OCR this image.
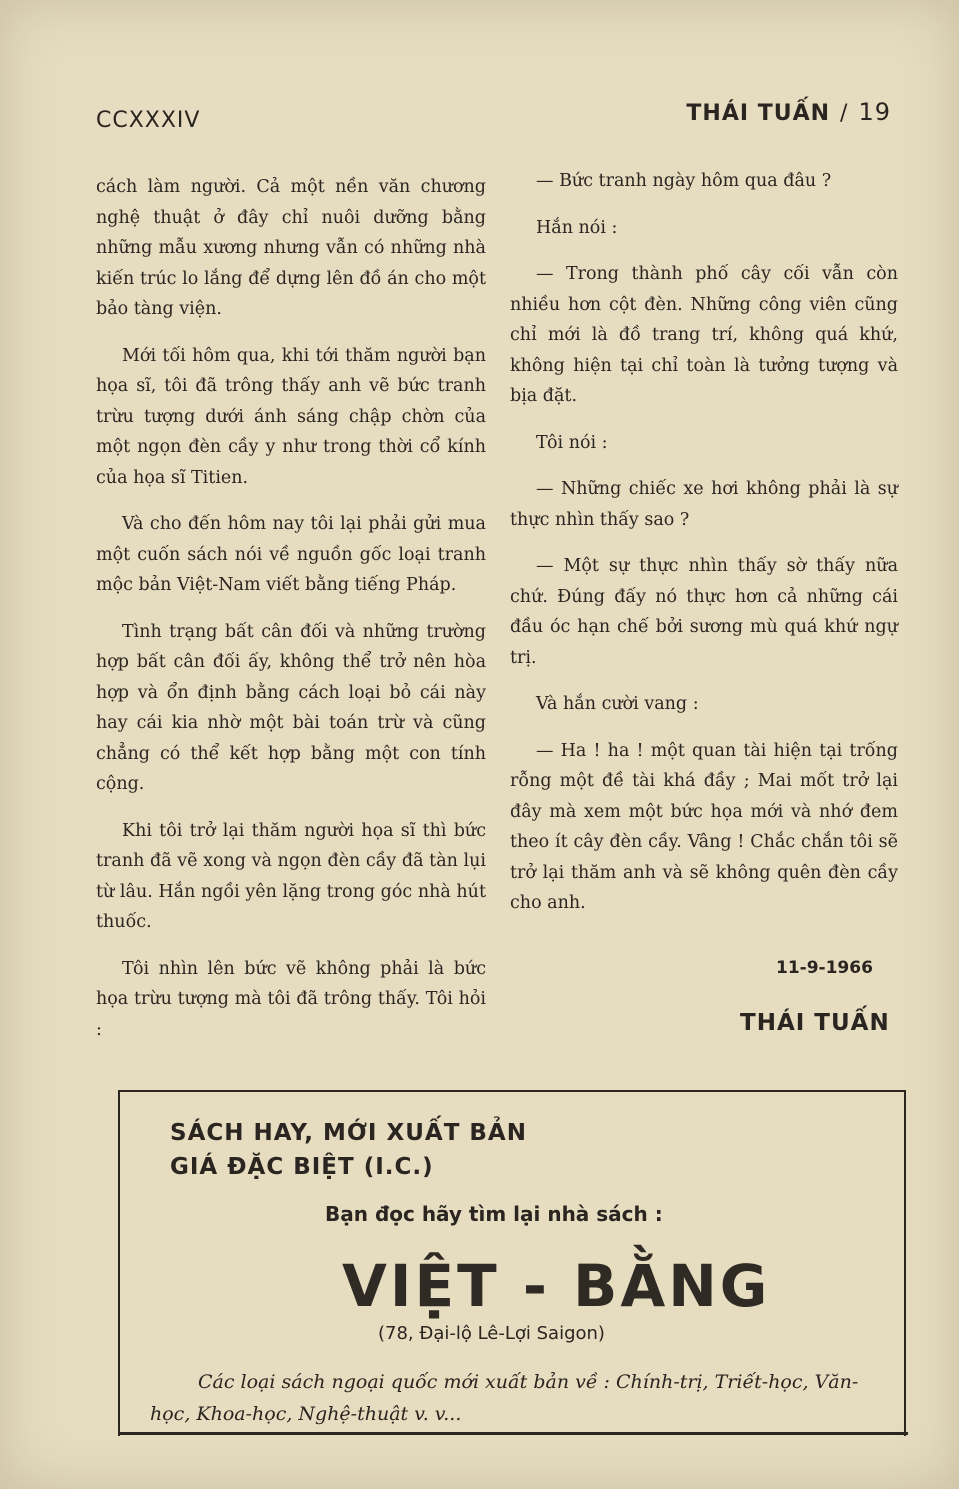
CCXXXIV	THÁI TUẤN / 19

cách làm người. Cả một nền văn chương nghệ thuật ở đây chỉ nuôi dưỡng bằng những mẫu xương nhưng vẫn có những nhà kiến trúc lo lắng để dựng lên đồ án cho một bảo tàng viện.

Mới tối hôm qua, khi tới thăm người bạn họa sĩ, tôi đã trông thấy anh vẽ bức tranh trừu tượng dưới ánh sáng chập chờn của một ngọn đèn cầy y như trong thời cổ kính của họa sĩ Titien.

Và cho đến hôm nay tôi lại phải gửi mua một cuốn sách nói về nguồn gốc loại tranh mộc bản Việt-Nam viết bằng tiếng Pháp.

Tình trạng bất cân đối và những trường hợp bất cân đối ấy, không thể trở nên hòa hợp và ổn định bằng cách loại bỏ cái này hay cái kia nhờ một bài toán trừ và cũng chẳng có thể kết hợp bằng một con tính cộng.

Khi tôi trở lại thăm người họa sĩ thì bức tranh đã vẽ xong và ngọn đèn cầy đã tàn lụi từ lâu. Hắn ngồi yên lặng trong góc nhà hút thuốc.

Tôi nhìn lên bức vẽ không phải là bức họa trừu tượng mà tôi đã trông thấy. Tôi hỏi :

— Bức tranh ngày hôm qua đâu ?

Hắn nói :

— Trong thành phố cây cối vẫn còn nhiều hơn cột đèn. Những công viên cũng chỉ mới là đồ trang trí, không quá khứ, không hiện tại chỉ toàn là tưởng tượng và bịa đặt.

Tôi nói :

— Những chiếc xe hơi không phải là sự thực nhìn thấy sao ?

— Một sự thực nhìn thấy sờ thấy nữa chứ. Đúng đấy nó thực hơn cả những cái đầu óc hạn chế bởi sương mù quá khứ ngự trị.

Và hắn cười vang :

— Ha ! ha ! một quan tài hiện tại trống rỗng một đề tài khá đầy ; Mai mốt trở lại đây mà xem một bức họa mới và nhớ đem theo ít cây đèn cầy. Vâng ! Chắc chắn tôi sẽ trở lại thăm anh và sẽ không quên đèn cầy cho anh.

11-9-1966
THÁI TUẤN
SÁCH HAY, MỚI XUẤT BẢN
GIÁ ĐẶC BIỆT (I.C.)
Bạn đọc hãy tìm lại nhà sách :
VIỆT - BẰNG
(78, Đại-lộ Lê-Lợi Saigon)
Các loại sách ngoại quốc mới xuất bản về : Chính-trị, Triết-học, Văn-học, Khoa-học, Nghệ-thuật v. v...
